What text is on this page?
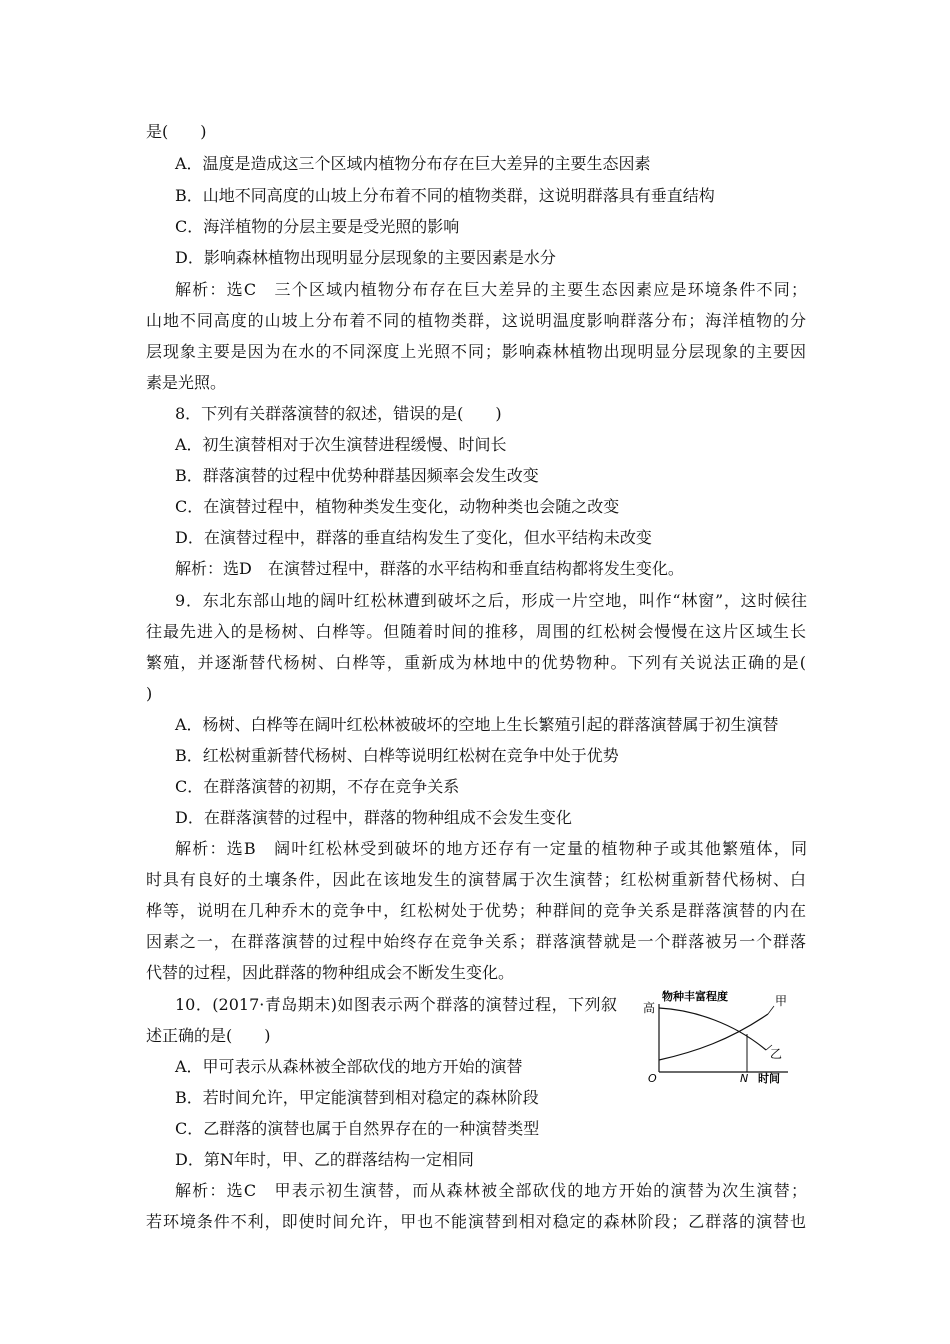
是(　　)
A．温度是造成这三个区域内植物分布存在巨大差异的主要生态因素
B．山地不同高度的山坡上分布着不同的植物类群，这说明群落具有垂直结构
C．海洋植物的分层主要是受光照的影响
D．影响森林植物出现明显分层现象的主要因素是水分
解析：选C　三个区域内植物分布存在巨大差异的主要生态因素应是环境条件不同；
山地不同高度的山坡上分布着不同的植物类群，这说明温度影响群落分布；海洋植物的分
层现象主要是因为在水的不同深度上光照不同；影响森林植物出现明显分层现象的主要因
素是光照。
8．下列有关群落演替的叙述，错误的是(　　)
A．初生演替相对于次生演替进程缓慢、时间长
B．群落演替的过程中优势种群基因频率会发生改变
C．在演替过程中，植物种类发生变化，动物种类也会随之改变
D．在演替过程中，群落的垂直结构发生了变化，但水平结构未改变
解析：选D　在演替过程中，群落的水平结构和垂直结构都将发生变化。
9．东北东部山地的阔叶红松林遭到破坏之后，形成一片空地，叫作“林窗”，这时候往
往最先进入的是杨树、白桦等。但随着时间的推移，周围的红松树会慢慢在这片区域生长
繁殖，并逐渐替代杨树、白桦等，重新成为林地中的优势物种。下列有关说法正确的是(
)
A．杨树、白桦等在阔叶红松林被破坏的空地上生长繁殖引起的群落演替属于初生演替
B．红松树重新替代杨树、白桦等说明红松树在竞争中处于优势
C．在群落演替的初期，不存在竞争关系
D．在群落演替的过程中，群落的物种组成不会发生变化
解析：选B　阔叶红松林受到破坏的地方还存有一定量的植物种子或其他繁殖体，同
时具有良好的土壤条件，因此在该地发生的演替属于次生演替；红松树重新替代杨树、白
桦等，说明在几种乔木的竞争中，红松树处于优势；种群间的竞争关系是群落演替的内在
因素之一，在群落演替的过程中始终存在竞争关系；群落演替就是一个群落被另一个群落
代替的过程，因此群落的物种组成会不断发生变化。
10．(2017·青岛期末)如图表示两个群落的演替过程，下列叙
述正确的是(　　)
A．甲可表示从森林被全部砍伐的地方开始的演替
B．若时间允许，甲定能演替到相对稳定的森林阶段
C．乙群落的演替也属于自然界存在的一种演替类型
D．第N年时，甲、乙的群落结构一定相同
解析：选C　甲表示初生演替，而从森林被全部砍伐的地方开始的演替为次生演替；
若环境条件不利，即使时间允许，甲也不能演替到相对稳定的森林阶段；乙群落的演替也
物种丰富程度
高
O	N 时间
甲
乙
